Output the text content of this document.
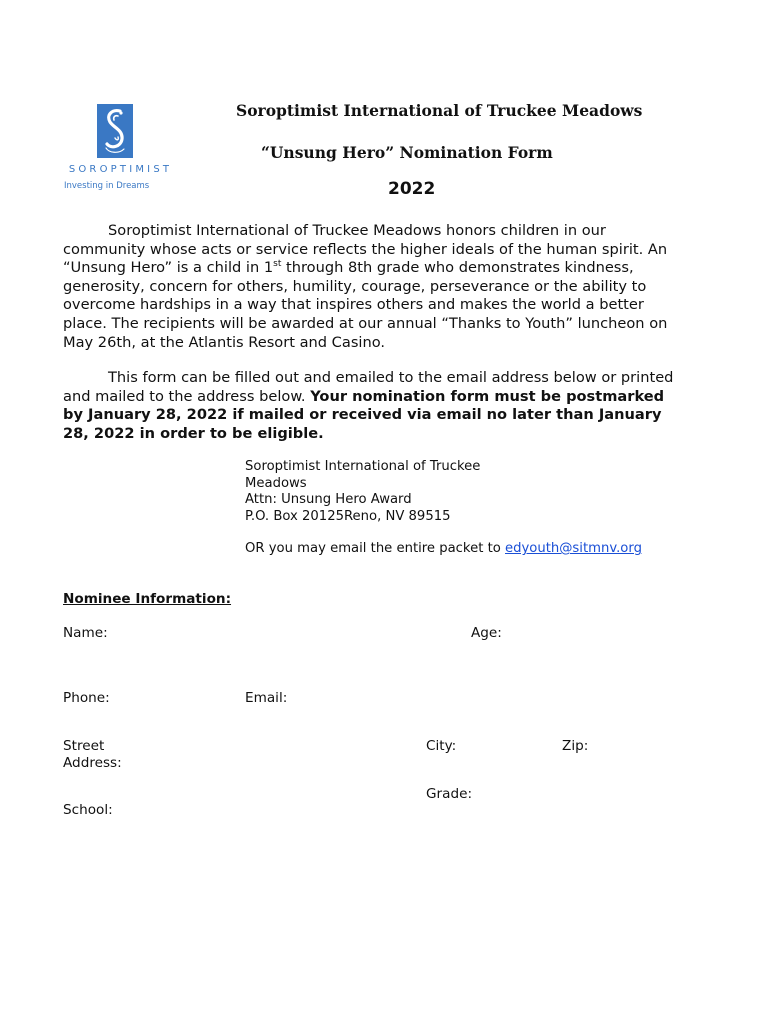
SOROPTIMIST
Investing in Dreams
Soroptimist International of Truckee Meadows
“Unsung Hero” Nomination Form
2022
Soroptimist International of Truckee Meadows honors children in our
community whose acts or service reflects the higher ideals of the human spirit. An
“Unsung Hero” is a child in 1st through 8th grade who demonstrates kindness,
generosity, concern for others, humility, courage, perseverance or the ability to
overcome hardships in a way that inspires others and makes the world a better
place. The recipients will be awarded at our annual “Thanks to Youth” luncheon on
May 26th, at the Atlantis Resort and Casino.
This form can be filled out and emailed to the email address below or printed
and mailed to the address below. Your nomination form must be postmarked
by January 28, 2022 if mailed or received via email no later than January
28, 2022 in order to be eligible.
Soroptimist International of Truckee
Meadows
Attn: Unsung Hero Award
P.O. Box 20125Reno, NV 89515
OR you may email the entire packet to edyouth@sitmnv.org
Nominee Information:
Name:	Age:
Phone:	Email:
Street
Address:
City:	Zip:
Grade:
School:
